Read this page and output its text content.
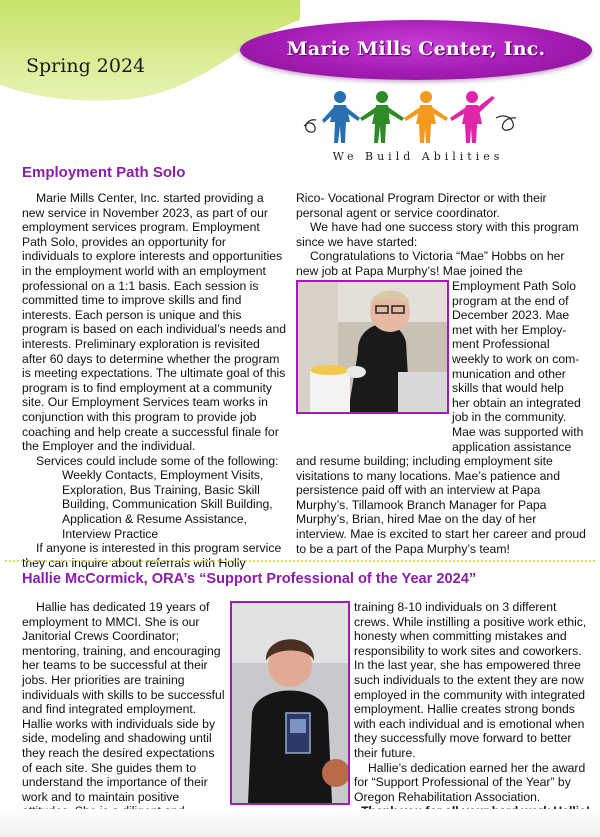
Spring 2024
Marie Mills Center, Inc.
We Build Abilities
Employment Path Solo

Marie Mills Center, Inc. started providing a new service in November 2023, as part of our employment services program. Employment Path Solo, provides an opportunity for individuals to explore interests and opportunities in the employment world with an employment professional on a 1:1 basis. Each session is committed time to improve skills and find interests. Each person is unique and this program is based on each individual’s needs and interests. Preliminary exploration is revisited after 60 days to determine whether the program is meeting expectations. The ultimate goal of this program is to find employment at a community site. Our Employment Services team works in conjunction with this program to provide job coaching and help create a successful finale for the Employer and the individual.

Services could include some of the following:

Weekly Contacts, Employment Visits,
Exploration, Bus Training, Basic Skill
Building, Communication Skill Building,
Application & Resume Assistance,
Interview Practice

If anyone is interested in this program service they can inquire about referrals with Holly

Rico- Vocational Program Director or with their personal agent or service coordinator.

We have had one success story with this program since we have started:

Congratulations to Victoria “Mae” Hobbs on her new job at Papa Murphy’s! Mae joined the

Employment Path Solo
program at the end of
December 2023. Mae
met with her Employ-
ment Professional
weekly to work on com-
munication and other
skills that would help
her obtain an integrated
job in the community.
Mae was supported with
application assistance

and resume building; including employment site visitations to many locations. Mae’s patience and persistence paid off with an interview at Papa Murphy’s. Tillamook Branch Manager for Papa Murphy’s, Brian, hired Mae on the day of her interview. Mae is excited to start her career and proud to be a part of the Papa Murphy’s team!

Hallie McCormick, ORA’s “Support Professional of the Year 2024”

Hallie has dedicated 19 years of employment to MMCI. She is our Janitorial Crews Coordinator; mentoring, training, and encouraging her teams to be successful at their jobs. Her priorities are training individuals with skills to be successful and find integrated employment. Hallie works with individuals side by side, modeling and shadowing until they reach the desired expectations of each site. She guides them to understand the importance of their work and to maintain positive

training 8-10 individuals on 3 different crews. While instilling a positive work ethic, honesty when committing mistakes and responsibility to work sites and coworkers. In the last year, she has empowered three such individuals to the extent they are now employed in the community with integrated employment. Hallie creates strong bonds with each individual and is emotional when they successfully move forward to better their future.

Hallie’s dedication earned her the award for “Support Professional of the Year” by Oregon Rehabilitation Association.
